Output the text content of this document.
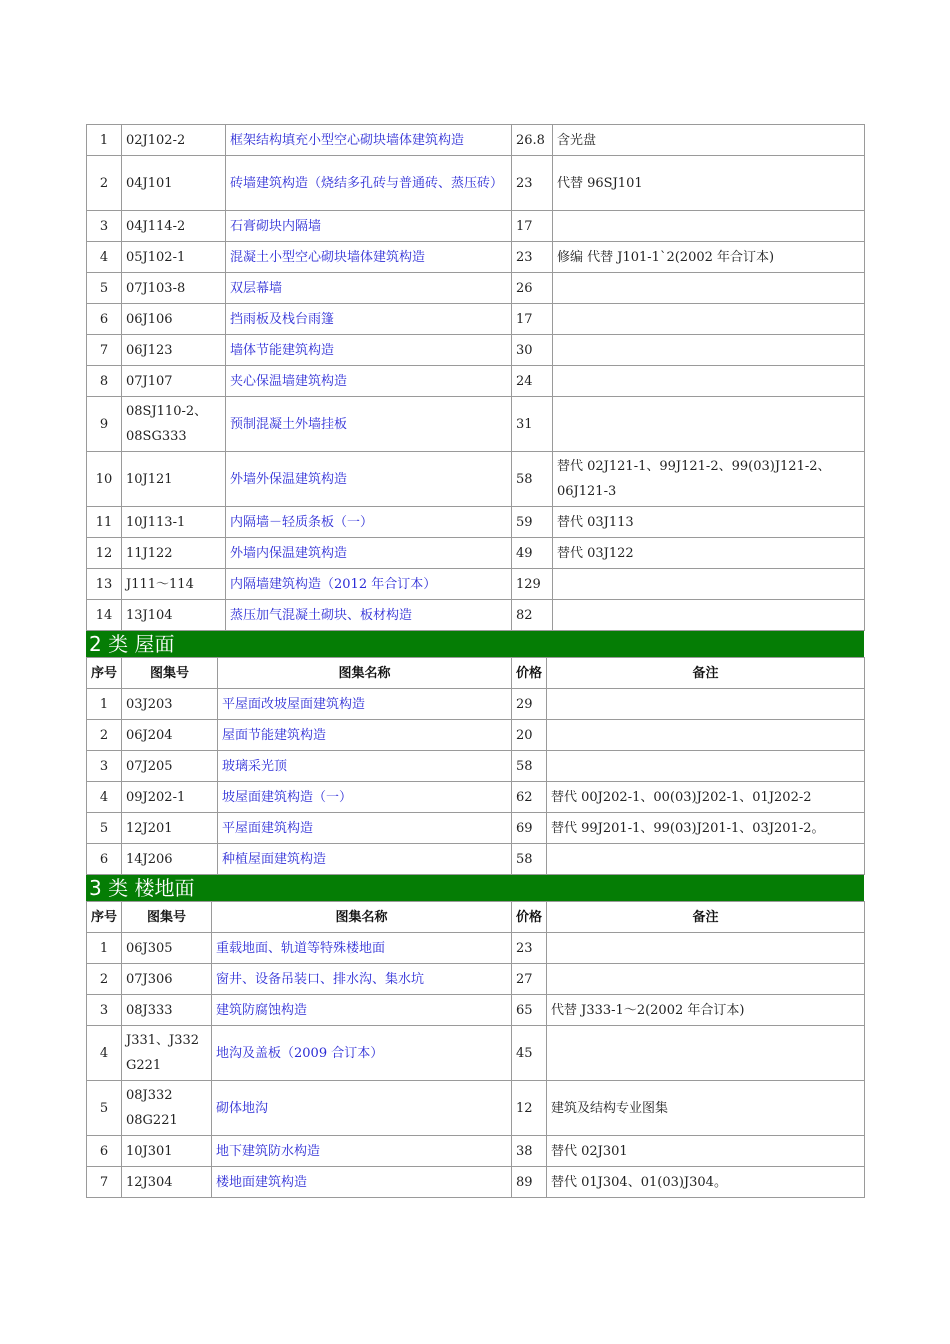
1	02J102-2	框架结构填充小型空心砌块墙体建筑构造	26.8	含光盘
2	04J101	砖墙建筑构造（烧结多孔砖与普通砖、蒸压砖）	23	代替 96SJ101
3	04J114-2	石膏砌块内隔墙	17	
4	05J102-1	混凝土小型空心砌块墙体建筑构造	23	修编 代替 J101-1`2(2002 年合订本)
5	07J103-8	双层幕墙	26	
6	06J106	挡雨板及栈台雨篷	17	
7	06J123	墙体节能建筑构造	30	
8	07J107	夹心保温墙建筑构造	24	
9	08SJ110-2、08SG333	预制混凝土外墙挂板	31	
10	10J121	外墙外保温建筑构造	58	替代 02J121-1、99J121-2、99(03)J121-2、06J121-3
11	10J113-1	内隔墙－轻质条板（一）	59	替代 03J113
12	11J122	外墙内保温建筑构造	49	替代 03J122
13	J111～114	内隔墙建筑构造（2012 年合订本）	129	
14	13J104	蒸压加气混凝土砌块、板材构造	82	
2 类 屋面
序号	图集号	图集名称	价格	备注
1	03J203	平屋面改坡屋面建筑构造	29	
2	06J204	屋面节能建筑构造	20	
3	07J205	玻璃采光顶	58	
4	09J202-1	坡屋面建筑构造（一）	62	替代 00J202-1、00(03)J202-1、01J202-2
5	12J201	平屋面建筑构造	69	替代 99J201-1、99(03)J201-1、03J201-2。
6	14J206	种植屋面建筑构造	58	
3 类 楼地面
序号	图集号	图集名称	价格	备注
1	06J305	重载地面、轨道等特殊楼地面	23	
2	07J306	窗井、设备吊装口、排水沟、集水坑	27	
3	08J333	建筑防腐蚀构造	65	代替 J333-1～2(2002 年合订本)
4	J331、J332 G221	地沟及盖板（2009 合订本）	45	
5	08J332 08G221	砌体地沟	12	建筑及结构专业图集
6	10J301	地下建筑防水构造	38	替代 02J301
7	12J304	楼地面建筑构造	89	替代 01J304、01(03)J304。
